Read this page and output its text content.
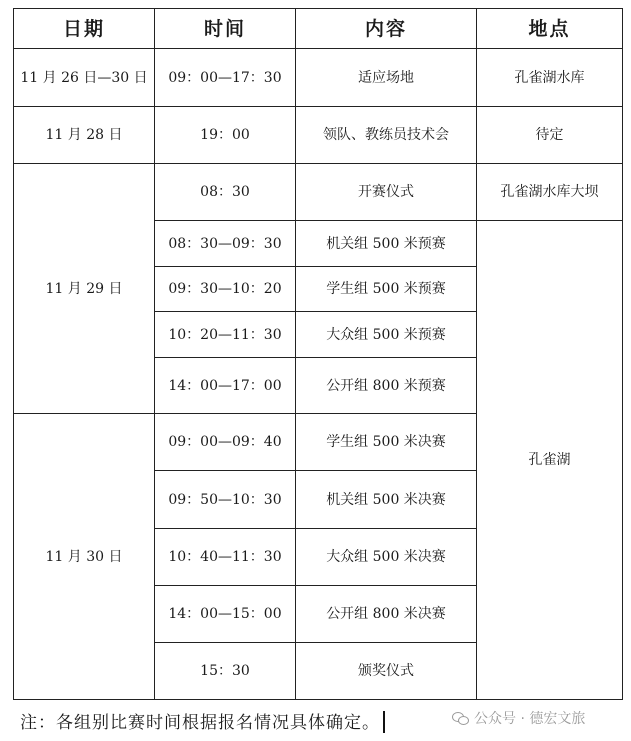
日期	时间	内容	地点
11 月 26 日—30 日	09：00—17：30	适应场地	孔雀湖水库
11 月 28 日	19：00	领队、教练员技术会	待定
11 月 29 日	08：30	开赛仪式	孔雀湖水库大坝
	08：30—09：30	机关组 500 米预赛	孔雀湖
	09：30—10：20	学生组 500 米预赛	
	10：20—11：30	大众组 500 米预赛	
	14：00—17：00	公开组 800 米预赛	
11 月 30 日	09：00—09：40	学生组 500 米决赛	
	09：50—10：30	机关组 500 米决赛	
	10：40—11：30	大众组 500 米决赛	
	14：00—15：00	公开组 800 米决赛	
	15：30	颁奖仪式	
注：各组别比赛时间根据报名情况具体确定。	公众号 · 德宏文旅
